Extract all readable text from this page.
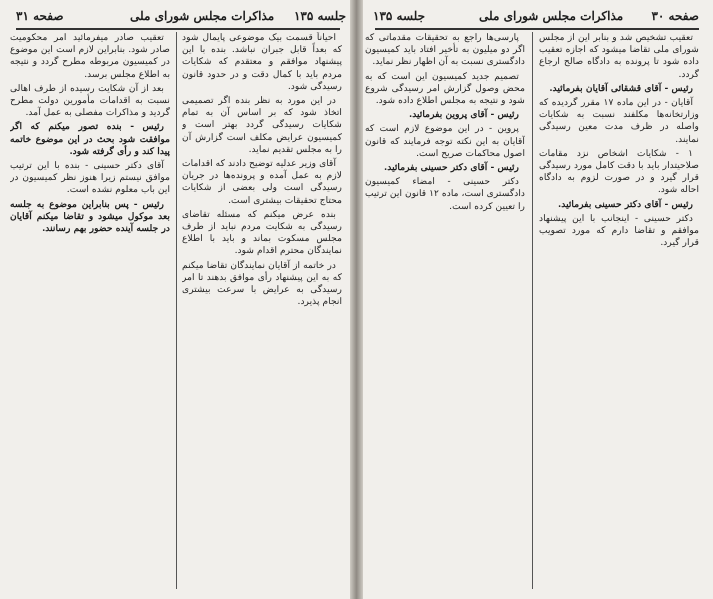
صفحه ۳۱	مذاکرات مجلس شورای ملی جلسه ۱۳۵

احیاناً قسمت بیک موضوعی پایمال شود که بعداً قابل جبران نباشد. بنده با این پیشنهاد موافقم و معتقدم که شکایات مردم باید با کمال دقت و در حدود قانون رسیدگی شود.

در این مورد به نظر بنده اگر تصمیمی اتخاذ شود که بر اساس آن به تمام شکایات رسیدگی گردد بهتر است و کمیسیون عرایض مکلف است گزارش آن را به مجلس تقدیم نماید.

آقای وزیر عدلیه توضیح دادند که اقدامات لازم به عمل آمده و پرونده‌ها در جریان رسیدگی است ولی بعضی از شکایات محتاج تحقیقات بیشتری است.

بنده عرض میکنم که مسئله تقاضای رسیدگی به شکایت مردم نباید از طرف مجلس مسکوت بماند و باید با اطلاع نمایندگان محترم اقدام شود.

در خاتمه از آقایان نمایندگان تقاضا میکنم که به این پیشنهاد رأی موافق بدهند تا امر رسیدگی به عرایض با سرعت بیشتری انجام پذیرد.

تعقیب صادر میفرمائید امر محکومیت صادر شود. بنابراین لازم است این موضوع در کمیسیون مربوطه مطرح گردد و نتیجه به اطلاع مجلس برسد.

بعد از آن شکایت رسیده از طرف اهالی نسبت به اقدامات مأمورین دولت مطرح گردید و مذاکرات مفصلی به عمل آمد.

رئیس - بنده تصور میکنم که اگر موافقت شود بحث در این موضوع خاتمه پیدا کند و رأی گرفته شود.

آقای دکتر حسینی - بنده با این ترتیب موافق نیستم زیرا هنوز نظر کمیسیون در این باب معلوم نشده است.

رئیس - پس بنابراین موضوع به جلسه بعد موکول میشود و تقاضا میکنم آقایان در جلسه آینده حضور بهم رسانند.

جلسه ۱۳۵	مذاکرات مجلس شورای ملی صفحه ۳۰

تعقیب تشخیص شد و بنابر این از مجلس شورای ملی تقاضا میشود که اجازه تعقیب داده شود تا پرونده به دادگاه صالح ارجاع گردد.

رئیس - آقای قشقائی آقایان بفرمائید.

آقایان - در این ماده ۱۷ مقرر گردیده که وزارتخانه‌ها مکلفند نسبت به شکایات واصله در ظرف مدت معین رسیدگی نمایند.

۱ - شکایات اشخاص نزد مقامات صلاحیتدار باید با دقت کامل مورد رسیدگی قرار گیرد و در صورت لزوم به دادگاه احاله شود.

رئیس - آقای دکتر حسینی بفرمائید.

دکتر حسینی - اینجانب با این پیشنهاد موافقم و تقاضا دارم که مورد تصویب قرار گیرد.

پارسی‌ها راجع به تحقیقات مقدماتی که اگر دو میلیون به تأخیر افتاد باید کمیسیون دادگستری نسبت به آن اظهار نظر نماید.

تصمیم جدید کمیسیون این است که به محض وصول گزارش امر رسیدگی شروع شود و نتیجه به مجلس اطلاع داده شود.

رئیس - آقای پروین بفرمائید.

پروین - در این موضوع لازم است که آقایان به این نکته توجه فرمایند که قانون اصول محاکمات صریح است.

رئیس - آقای دکتر حسینی بفرمائید.

دکتر حسینی - امضاء کمیسیون دادگستری است، ماده ۱۲ قانون این ترتیب را تعیین کرده است.
